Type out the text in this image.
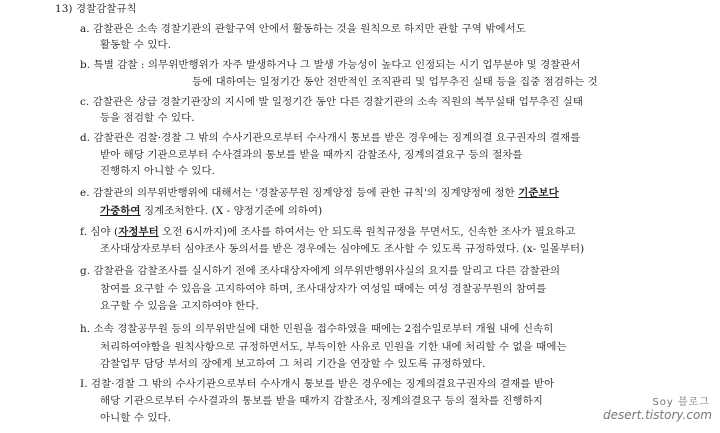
13) 경찰감찰규칙
a. 감찰관은 소속 경찰기관의 관할구역 안에서 활동하는 것을 원칙으로 하지만 관할 구역 밖에서도
활동할 수 있다.
b. 특별 감찰 : 의무위반행위가 자주 발생하거나 그 발생 가능성이 높다고 인정되는 시기 업무분야 및 경찰관서
등에 대하여는 일정기간 동안 전반적인 조직관리 및 업무추진 실태 등을 집중 점검하는 것
c. 감찰관은 상급 경찰기관장의 지시에 발 일정기간 동안 다른 경찰기관의 소속 직원의 복무실태 업무추진 실태
등을 점검할 수 있다.
d. 감찰관은 검찰·경찰 그 밖의 수사기관으로부터 수사개시 통보를 받은 경우에는 징계의결 요구권자의 결재를
받아 해당 기관으로부터 수사결과의 통보를 받을 때까지 감찰조사, 징계의결요구 등의 절차를
진행하지 아니할 수 있다.
e. 감찰관의 의무위반행위에 대해서는 '경찰공무원 징계양정 등에 관한 규칙'의 징계양정에 정한 기준보다
가중하여 징계조처한다. (X - 양정기준에 의하여)
f. 심야 (자정부터 오전 6시까지)에 조사를 하여서는 안 되도록 원칙규정을 무면서도, 신속한 조사가 필요하고
조사대상자로부터 심야조사 동의서를 받은 경우에는 심야에도 조사할 수 있도록 규정하였다. (x- 일몰부터)
g. 감찰관을 감찰조사를 실시하기 전에 조사대상자에게 의무위반행위사실의 요지를 알리고 다른 감찰관의
참여를 요구할 수 있음을 고지하여야 하며, 조사대상자가 여성일 때에는 여성 경찰공무원의 참여를
요구할 수 있음을 고지하여야 한다.
h. 소속 경찰공무원 등의 의무위반실에 대한 민원을 접수하였을 때에는 2접수일로부터 개월 내에 신속히
처리하여야함을 원칙사항으로 규정하면서도, 부득이한 사유로 민원을 기한 내에 처리할 수 없을 때에는
감찰업무 담당 부서의 장에게 보고하여 그 처리 기간을 연장할 수 있도록 규정하였다.
I. 검찰·경찰 그 밖의 수사기관으로부터 수사개시 통보를 받은 경우에는 징계의결요구권자의 결재를 받아
해당 기관으로부터 수사결과의 통보를 받을 때까지 감찰조사, 징계의결요구 등의 절차를 진행하지
아니할 수 있다.
Soy 블로그
desert.tistory.com
